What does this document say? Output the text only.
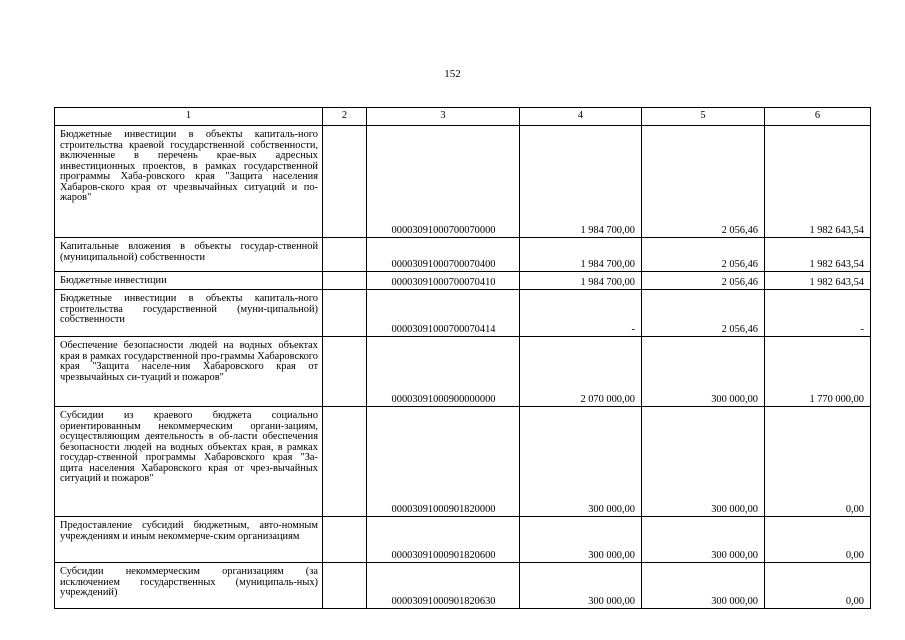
152
1	2	3	4	5	6
Бюджетные инвестиции в объекты капиталь-ного строительства краевой государственной собственности, включенные в перечень крае-вых адресных инвестиционных проектов, в рамках государственной программы Хаба-ровского края "Защита населения Хабаров-ского края от чрезвычайных ситуаций и по-жаров"		00003091000700070000	1 984 700,00	2 056,46	1 982 643,54
Капитальные вложения в объекты государ-ственной (муниципальной) собственности		00003091000700070400	1 984 700,00	2 056,46	1 982 643,54
Бюджетные инвестиции		00003091000700070410	1 984 700,00	2 056,46	1 982 643,54
Бюджетные инвестиции в объекты капиталь-ного строительства государственной (муни-ципальной) собственности		00003091000700070414	-	2 056,46	-
Обеспечение безопасности людей на водных объектах края в рамках государственной про-граммы Хабаровского края "Защита населе-ния Хабаровского края от чрезвычайных си-туаций и пожаров"		00003091000900000000	2 070 000,00	300 000,00	1 770 000,00
Субсидии из краевого бюджета социально ориентированным некоммерческим органи-зациям, осуществляющим деятельность в об-ласти обеспечения безопасности людей на водных объектах края, в рамках государ-ственной программы Хабаровского края "За-щита населения Хабаровского края от чрез-вычайных ситуаций и пожаров"		00003091000901820000	300 000,00	300 000,00	0,00
Предоставление субсидий бюджетным, авто-номным учреждениям и иным некоммерче-ским организациям		00003091000901820600	300 000,00	300 000,00	0,00
Субсидии некоммерческим организациям (за исключением государственных (муниципаль-ных) учреждений)		00003091000901820630	300 000,00	300 000,00	0,00
